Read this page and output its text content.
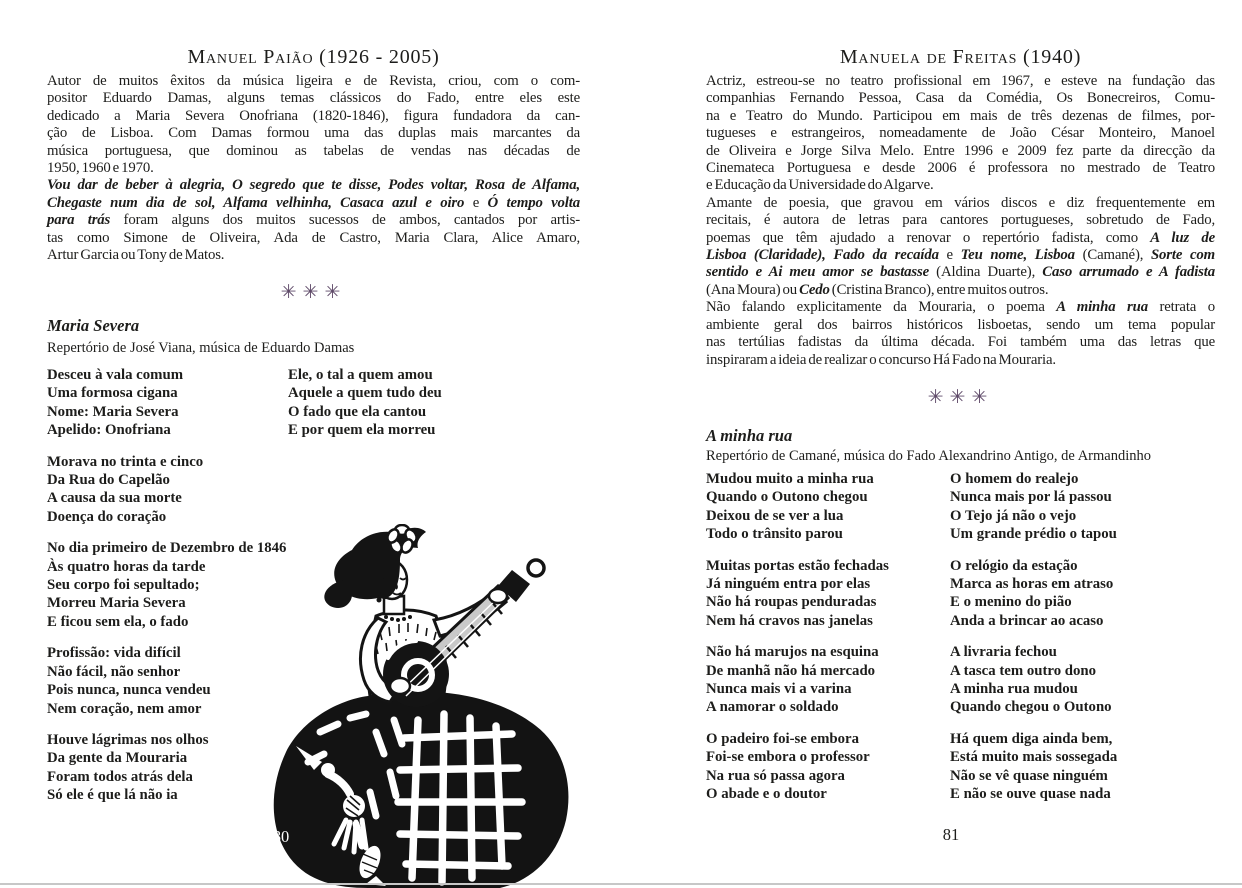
Manuel Paião (1926 - 2005)
Autor de muitos êxitos da música ligeira e de Revista, criou, com o com-
positor Eduardo Damas, alguns temas clássicos do Fado, entre eles este
dedicado a Maria Severa Onofriana (1820-1846), figura fundadora da can-
ção de Lisboa. Com Damas formou uma das duplas mais marcantes da
música portuguesa, que dominou as tabelas de vendas nas décadas de
1950, 1960 e 1970.
Vou dar de beber à alegria, O segredo que te disse, Podes voltar, Rosa de Alfama,
Chegaste num dia de sol, Alfama velhinha, Casaca azul e oiro e Ó tempo volta
para trás foram alguns dos muitos sucessos de ambos, cantados por artis-
tas como Simone de Oliveira, Ada de Castro, Maria Clara, Alice Amaro,
Artur Garcia ou Tony de Matos.
✳✳✳
Maria Severa
Repertório de José Viana, música de Eduardo Damas
Desceu à vala comum
Uma formosa cigana
Nome: Maria Severa
Apelido: Onofriana
Morava no trinta e cinco
Da Rua do Capelão
A causa da sua morte
Doença do coração
No dia primeiro de Dezembro de 1846
Às quatro horas da tarde
Seu corpo foi sepultado;
Morreu Maria Severa
E ficou sem ela, o fado
Profissão: vida difícil
Não fácil, não senhor
Pois nunca, nunca vendeu
Nem coração, nem amor
Houve lágrimas nos olhos
Da gente da Mouraria
Foram todos atrás dela
Só ele é que lá não ia
Ele, o tal a quem amou
Aquele a quem tudo deu
O fado que ela cantou
E por quem ela morreu
Manuela de Freitas (1940)
Actriz, estreou-se no teatro profissional em 1967, e esteve na fundação das
companhias Fernando Pessoa, Casa da Comédia, Os Bonecreiros, Comu-
na e Teatro do Mundo. Participou em mais de três dezenas de filmes, por-
tugueses e estrangeiros, nomeadamente de João César Monteiro, Manoel
de Oliveira e Jorge Silva Melo. Entre 1996 e 2009 fez parte da direcção da
Cinemateca Portuguesa e desde 2006 é professora no mestrado de Teatro
e Educação da Universidade do Algarve.
Amante de poesia, que gravou em vários discos e diz frequentemente em
recitais, é autora de letras para cantores portugueses, sobretudo de Fado,
poemas que têm ajudado a renovar o repertório fadista, como A luz de
Lisboa (Claridade), Fado da recaída e Teu nome, Lisboa (Camané), Sorte com
sentido e Ai meu amor se bastasse (Aldina Duarte), Caso arrumado e A fadista
(Ana Moura) ou Cedo (Cristina Branco), entre muitos outros.
Não falando explicitamente da Mouraria, o poema A minha rua retrata o
ambiente geral dos bairros históricos lisboetas, sendo um tema popular
nas tertúlias fadistas da última década. Foi também uma das letras que
inspiraram a ideia de realizar o concurso Há Fado na Mouraria.
✳✳✳
A minha rua
Repertório de Camané, música do Fado Alexandrino Antigo, de Armandinho
Mudou muito a minha rua
Quando o Outono chegou
Deixou de se ver a lua
Todo o trânsito parou
Muitas portas estão fechadas
Já ninguém entra por elas
Não há roupas penduradas
Nem há cravos nas janelas
Não há marujos na esquina
De manhã não há mercado
Nunca mais vi a varina
A namorar o soldado
O padeiro foi-se embora
Foi-se embora o professor
Na rua só passa agora
O abade e o doutor
O homem do realejo
Nunca mais por lá passou
O Tejo já não o vejo
Um grande prédio o tapou
O relógio da estação
Marca as horas em atraso
E o menino do pião
Anda a brincar ao acaso
A livraria fechou
A tasca tem outro dono
A minha rua mudou
Quando chegou o Outono
Há quem diga ainda bem,
Está muito mais sossegada
Não se vê quase ninguém
E não se ouve quase nada
80	81
